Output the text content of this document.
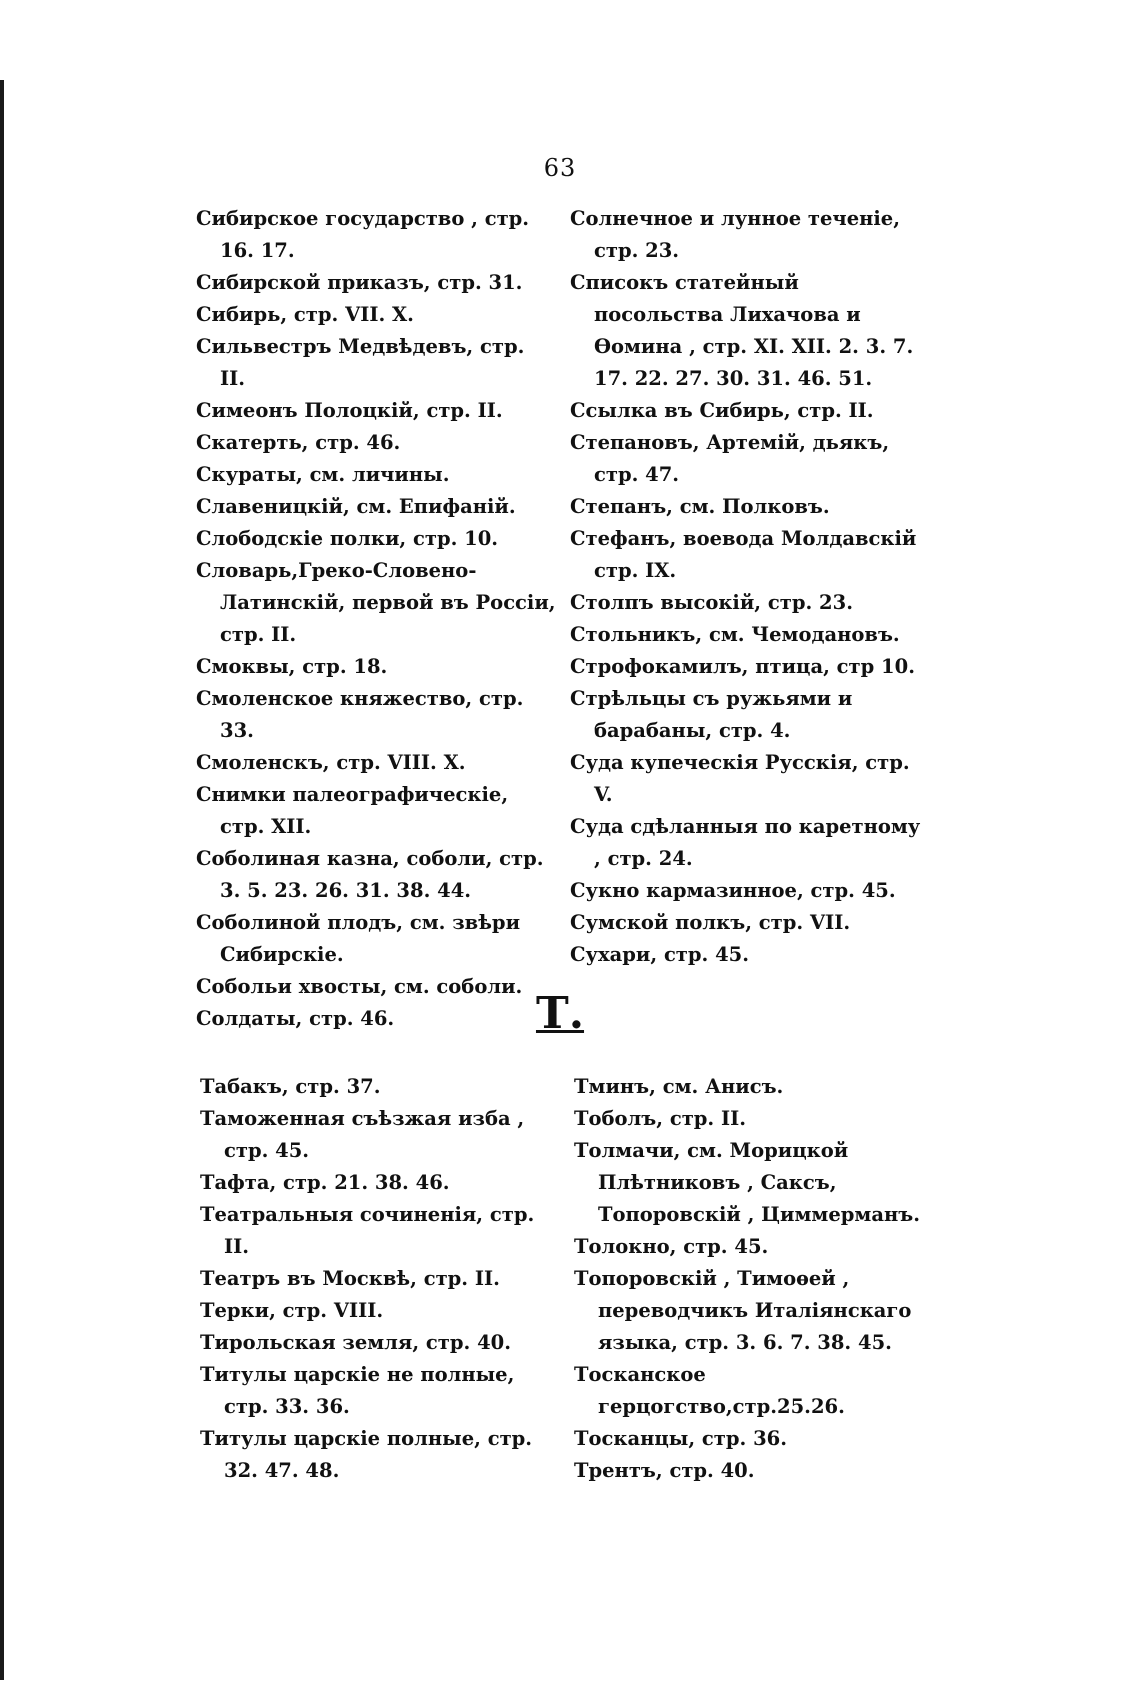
63

Сибирское государство , стр. 16. 17.

Сибирской приказъ, стр. 31.

Сибирь, стр. VII. X.

Сильвестръ Медвѣдевъ, стр. II.

Симеонъ Полоцкій, стр. II.

Скатерть, стр. 46.

Скураты, см. личины.

Славеницкій, см. Епифаній.

Слободскіе полки, стр. 10.

Словарь,Греко-Словено-Латинскій, первой въ Россіи, стр. II.

Смоквы, стр. 18.

Смоленское княжество, стр. 33.

Смоленскъ, стр. VIII. X.

Снимки палеографическіе, стр. XII.

Соболиная казна, соболи, стр. 3. 5. 23. 26. 31. 38. 44.

Соболиной плодъ, см. звѣри Сибирскіе.

Собольи хвосты, см. соболи.

Солдаты, стр. 46.

Солнечное и лунное теченіе, стр. 23.

Списокъ статейный посольства Лихачова и Ѳомина , стр. XI. XII. 2. 3. 7. 17. 22. 27. 30. 31. 46. 51.

Ссылка въ Сибирь, стр. II.

Степановъ, Артемій, дьякъ, стр. 47.

Степанъ, см. Полковъ.

Стефанъ, воевода Молдавскій стр. IX.

Столпъ высокій, стр. 23.

Стольникъ, см. Чемодановъ.

Строфокамилъ, птица, стр 10.

Стрѣльцы съ ружьями и барабаны, стр. 4.

Суда купеческія Русскія, стр. V.

Суда сдѣланныя по каретному , стр. 24.

Сукно кармазинное, стр. 45.

Сумской полкъ, стр. VII.

Сухари, стр. 45.

Т.

Табакъ, стр. 37.

Таможенная съѣзжая изба , стр. 45.

Тафта, стр. 21. 38. 46.

Театральныя сочиненія, стр. II.

Театръ въ Москвѣ, стр. II.

Терки, стр. VIII.

Тирольская земля, стр. 40.

Титулы царскіе не полные, стр. 33. 36.

Титулы царскіе полные, стр. 32. 47. 48.

Тминъ, см. Анисъ.

Тоболъ, стр. II.

Толмачи, см. Морицкой Плѣтниковъ , Саксъ, Топоровскій , Циммерманъ.

Толокно, стр. 45.

Топоровскій , Тимоѳей , переводчикъ Италіянскаго языка, стр. 3. 6. 7. 38. 45.

Тосканское герцогство,стр.25.26.

Тосканцы, стр. 36.

Трентъ, стр. 40.
